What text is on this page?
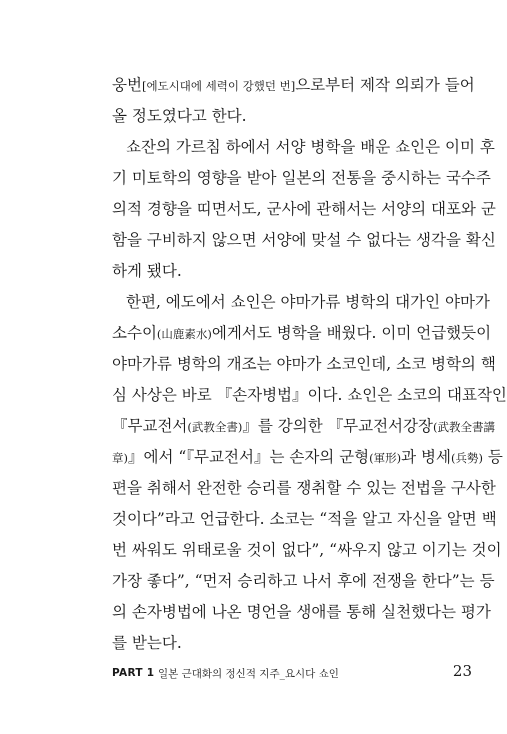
웅번[에도시대에 세력이 강했던 번]으로부터 제작 의뢰가 들어
올 정도였다고 한다.
쇼잔의 가르침 하에서 서양 병학을 배운 쇼인은 이미 후
기 미토학의 영향을 받아 일본의 전통을 중시하는 국수주
의적 경향을 띠면서도, 군사에 관해서는 서양의 대포와 군
함을 구비하지 않으면 서양에 맞설 수 없다는 생각을 확신
하게 됐다.
한편, 에도에서 쇼인은 야마가류 병학의 대가인 야마가
소수이(山鹿素水)에게서도 병학을 배웠다. 이미 언급했듯이
야마가류 병학의 개조는 야마가 소코인데, 소코 병학의 핵
심 사상은 바로 『손자병법』이다. 쇼인은 소코의 대표작인
『무교전서(武教全書)』를 강의한 『무교전서강장(武教全書講
章)』에서 “『무교전서』는 손자의 군형(軍形)과 병세(兵勢) 등
편을 취해서 완전한 승리를 쟁취할 수 있는 전법을 구사한
것이다”라고 언급한다. 소코는 “적을 알고 자신을 알면 백
번 싸워도 위태로울 것이 없다”, “싸우지 않고 이기는 것이
가장 좋다”, “먼저 승리하고 나서 후에 전쟁을 한다”는 등
의 손자병법에 나온 명언을 생애를 통해 실천했다는 평가
를 받는다.
PART 1 일본 근대화의 정신적 지주_요시다 쇼인	23
